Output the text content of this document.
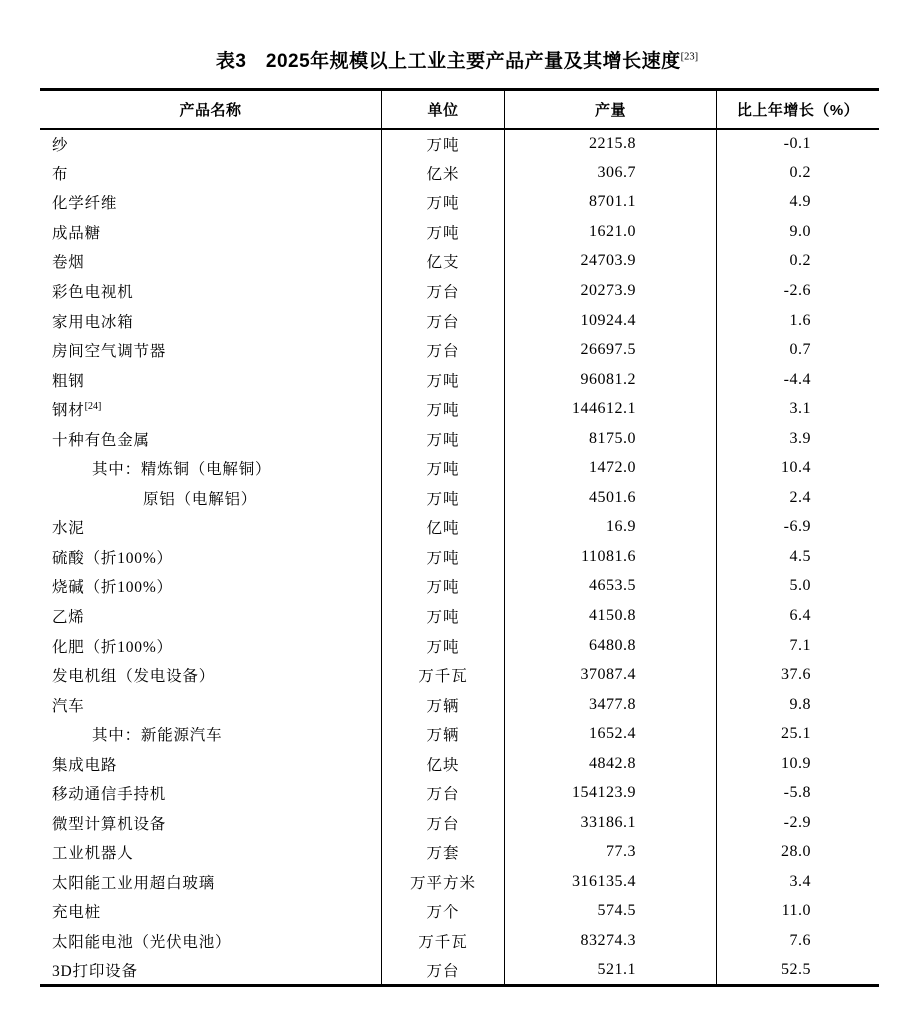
表3　2025年规模以上工业主要产品产量及其增长速度[23]
产品名称	单位	产量	比上年增长（%）
纱	万吨	2215.8	-0.1
布	亿米	306.7	0.2
化学纤维	万吨	8701.1	4.9
成品糖	万吨	1621.0	9.0
卷烟	亿支	24703.9	0.2
彩色电视机	万台	20273.9	-2.6
家用电冰箱	万台	10924.4	1.6
房间空气调节器	万台	26697.5	0.7
粗钢	万吨	96081.2	-4.4
钢材[24]	万吨	144612.1	3.1
十种有色金属	万吨	8175.0	3.9
其中：精炼铜（电解铜）	万吨	1472.0	10.4
原铝（电解铝）	万吨	4501.6	2.4
水泥	亿吨	16.9	-6.9
硫酸（折100%）	万吨	11081.6	4.5
烧碱（折100%）	万吨	4653.5	5.0
乙烯	万吨	4150.8	6.4
化肥（折100%）	万吨	6480.8	7.1
发电机组（发电设备）	万千瓦	37087.4	37.6
汽车	万辆	3477.8	9.8
其中：新能源汽车	万辆	1652.4	25.1
集成电路	亿块	4842.8	10.9
移动通信手持机	万台	154123.9	-5.8
微型计算机设备	万台	33186.1	-2.9
工业机器人	万套	77.3	28.0
太阳能工业用超白玻璃	万平方米	316135.4	3.4
充电桩	万个	574.5	11.0
太阳能电池（光伏电池）	万千瓦	83274.3	7.6
3D打印设备	万台	521.1	52.5
